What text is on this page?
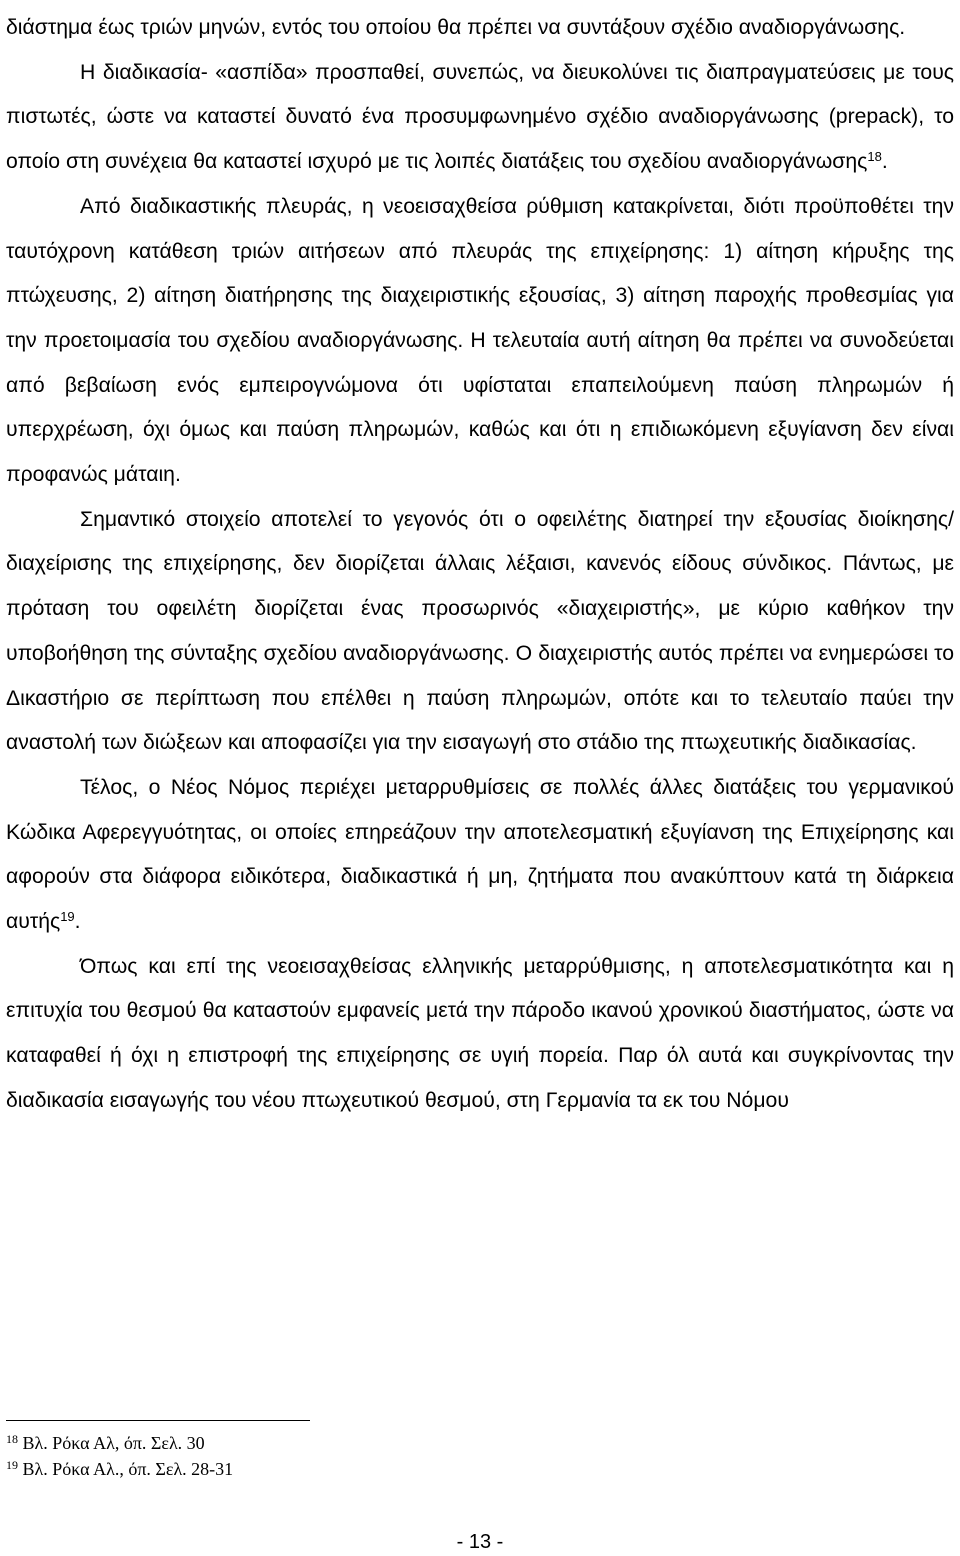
διάστημα έως τριών μηνών, εντός του οποίου θα πρέπει να συντάξουν σχέδιο αναδιοργάνωσης.

Η διαδικασία- «ασπίδα» προσπαθεί, συνεπώς, να διευκολύνει τις διαπραγματεύσεις με τους πιστωτές, ώστε να καταστεί δυνατό ένα προσυμφωνημένο σχέδιο αναδιοργάνωσης (prepack), το οποίο στη συνέχεια θα καταστεί ισχυρό με τις λοιπές διατάξεις του σχεδίου αναδιοργάνωσης$^{18}$.

Από διαδικαστικής πλευράς, η νεοεισαχθείσα ρύθμιση κατακρίνεται, διότι προϋποθέτει την ταυτόχρονη κατάθεση τριών αιτήσεων από πλευράς της επιχείρησης: 1) αίτηση κήρυξης της πτώχευσης, 2) αίτηση διατήρησης της διαχειριστικής εξουσίας, 3) αίτηση παροχής προθεσμίας για την προετοιμασία του σχεδίου αναδιοργάνωσης. Η τελευταία αυτή αίτηση θα πρέπει να συνοδεύεται από βεβαίωση ενός εμπειρογνώμονα ότι υφίσταται επαπειλούμενη παύση πληρωμών ή υπερχρέωση, όχι όμως και παύση πληρωμών, καθώς και ότι η επιδιωκόμενη εξυγίανση δεν είναι προφανώς μάταιη.

Σημαντικό στοιχείο αποτελεί το γεγονός ότι ο οφειλέτης διατηρεί την εξουσίας διοίκησης/ διαχείρισης της επιχείρησης, δεν διορίζεται άλλαις λέξαισι, κανενός είδους σύνδικος. Πάντως, με πρόταση του οφειλέτη διορίζεται ένας προσωρινός «διαχειριστής», με κύριο καθήκον την υποβοήθηση της σύνταξης σχεδίου αναδιοργάνωσης. Ο διαχειριστής αυτός πρέπει να ενημερώσει το Δικαστήριο σε περίπτωση που επέλθει η παύση πληρωμών, οπότε και το τελευταίο παύει την αναστολή των διώξεων και αποφασίζει για την εισαγωγή στο στάδιο της πτωχευτικής διαδικασίας.

Τέλος, ο Νέος Νόμος περιέχει μεταρρυθμίσεις σε πολλές άλλες διατάξεις του γερμανικού Κώδικα Αφερεγγυότητας, οι οποίες επηρεάζουν την αποτελεσματική εξυγίανση της Επιχείρησης και αφορούν στα διάφορα ειδικότερα, διαδικαστικά ή μη, ζητήματα που ανακύπτουν κατά τη διάρκεια αυτής$^{19}$.

Όπως και επί της νεοεισαχθείσας ελληνικής μεταρρύθμισης, η αποτελεσματικότητα και η επιτυχία του θεσμού θα καταστούν εμφανείς μετά την πάροδο ικανού χρονικού διαστήματος, ώστε να καταφαθεί ή όχι η επιστροφή της επιχείρησης σε υγιή πορεία. Παρ όλ αυτά και συγκρίνοντας την διαδικασία εισαγωγής του νέου πτωχευτικού θεσμού, στη Γερμανία τα εκ του Νόμου

$^{18}$ Βλ. Ρόκα Αλ, όπ. Σελ. 30
$^{19}$ Βλ. Ρόκα Αλ., όπ. Σελ. 28-31
- 13 -
